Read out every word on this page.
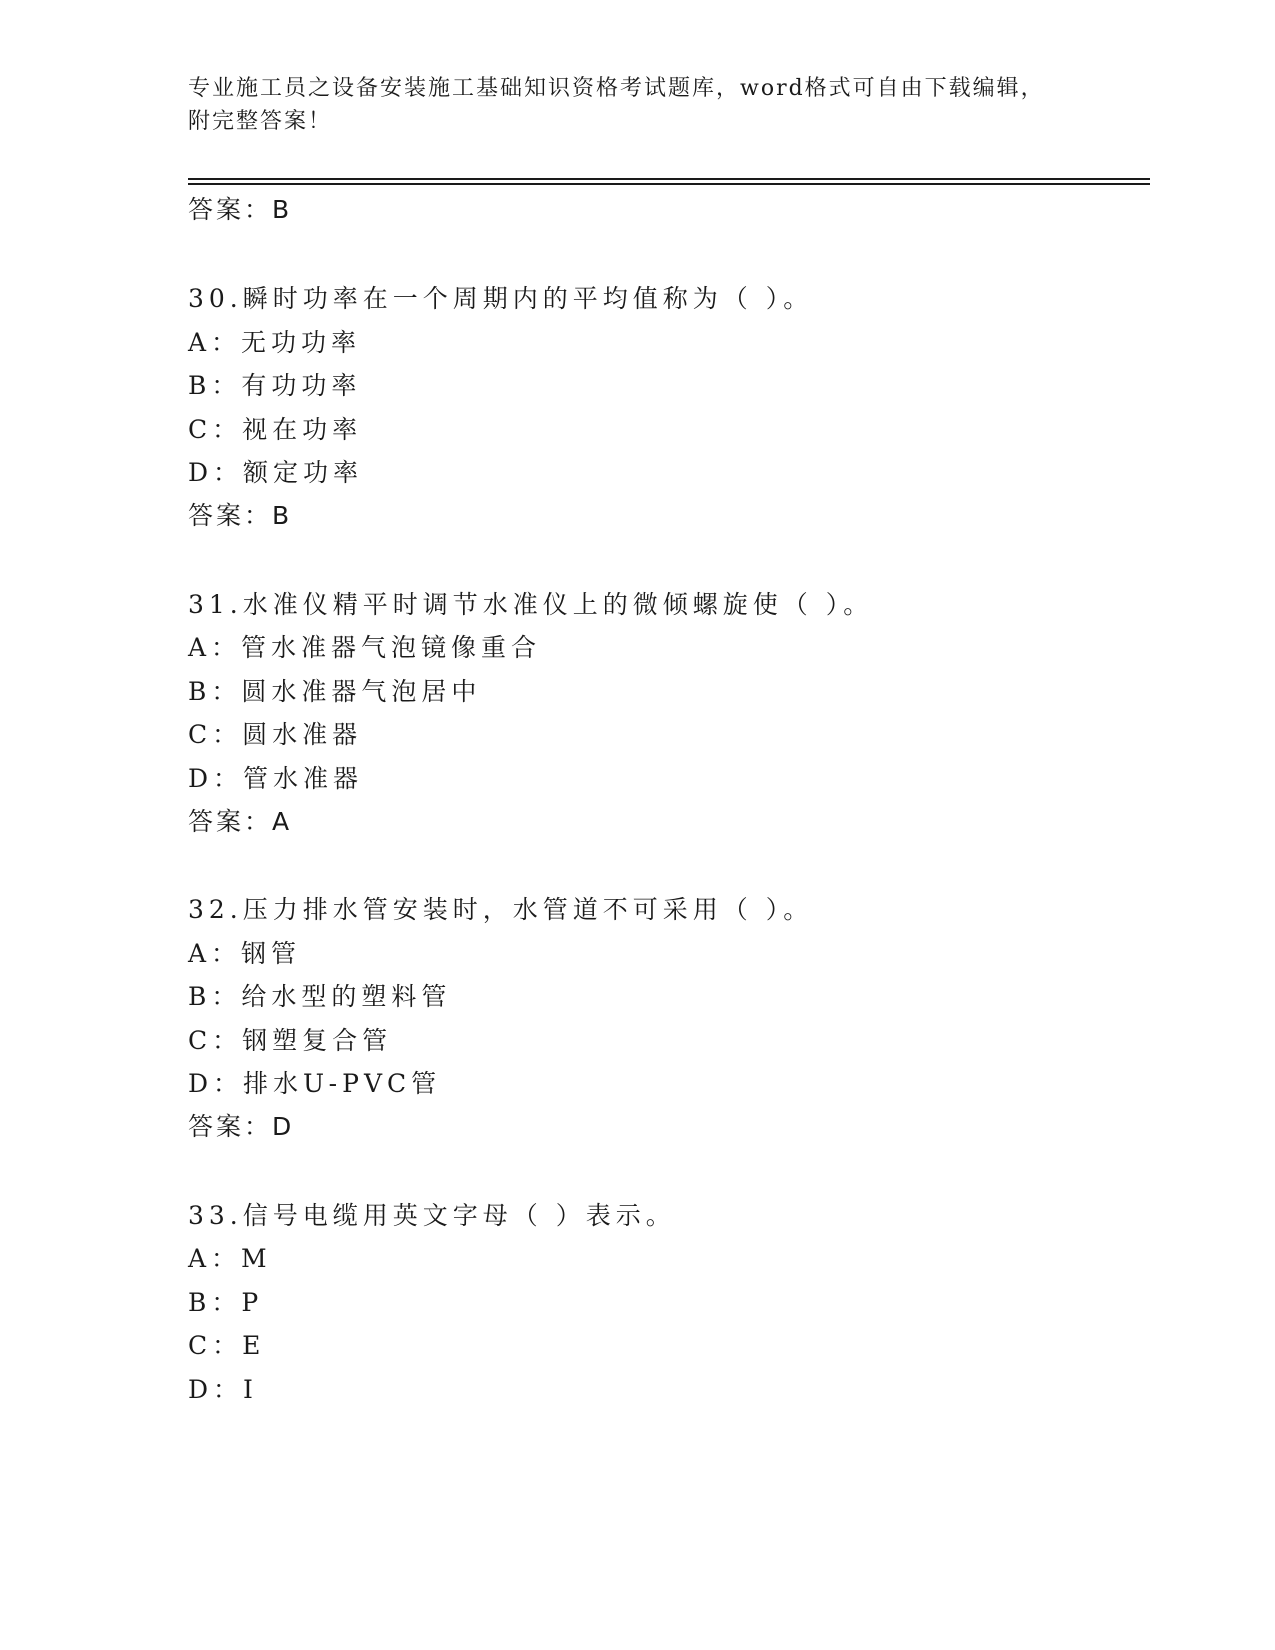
专业施工员之设备安装施工基础知识资格考试题库，word格式可自由下载编辑，
附完整答案！
答案：B
30.瞬时功率在一个周期内的平均值称为（ ）。
A：无功功率
B：有功功率
C：视在功率
D：额定功率
答案：B
31.水准仪精平时调节水准仪上的微倾螺旋使（ ）。
A：管水准器气泡镜像重合
B：圆水准器气泡居中
C：圆水准器
D：管水准器
答案：A
32.压力排水管安装时，水管道不可采用（ ）。
A：钢管
B：给水型的塑料管
C：钢塑复合管
D：排水U-PVC管
答案：D
33.信号电缆用英文字母（ ）表示。
A：M
B：P
C：E
D：I
